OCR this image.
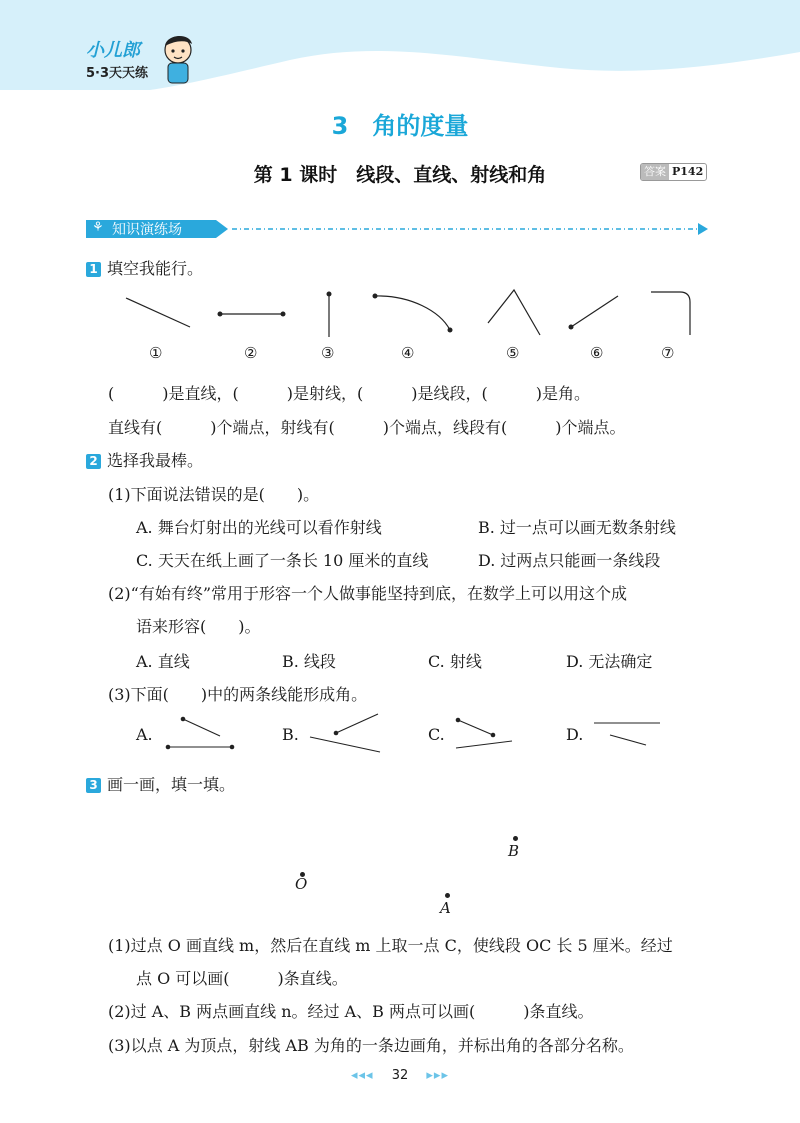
小儿郎
5·3天天练
3　角的度量
第 1 课时　线段、直线、射线和角	答案 P142
知识演练场
⚘
1 填空我能行。
①	②	③	④	⑤	⑥	⑦
(　　　)是直线，(　　　)是射线，(　　　)是线段，(　　　)是角。
直线有(　　　)个端点，射线有(　　　)个端点，线段有(　　　)个端点。
2 选择我最棒。
(1)下面说法错误的是(　　)。
A. 舞台灯射出的光线可以看作射线	B. 过一点可以画无数条射线
C. 天天在纸上画了一条长 10 厘米的直线	D. 过两点只能画一条线段
(2)“有始有终”常用于形容一个人做事能坚持到底，在数学上可以用这个成
语来形容(　　)。
A. 直线	B. 线段	C. 射线	D. 无法确定
(3)下面(　　)中的两条线能形成角。
A.	B.	C.	D.
3 画一画，填一填。
B
O
A
(1)过点 O 画直线 m，然后在直线 m 上取一点 C，使线段 OC 长 5 厘米。经过
点 O 可以画(　　　)条直线。
(2)过 A、B 两点画直线 n。经过 A、B 两点可以画(　　　)条直线。
(3)以点 A 为顶点，射线 AB 为角的一条边画角，并标出角的各部分名称。
◂◂◂ 32 ▸▸▸
